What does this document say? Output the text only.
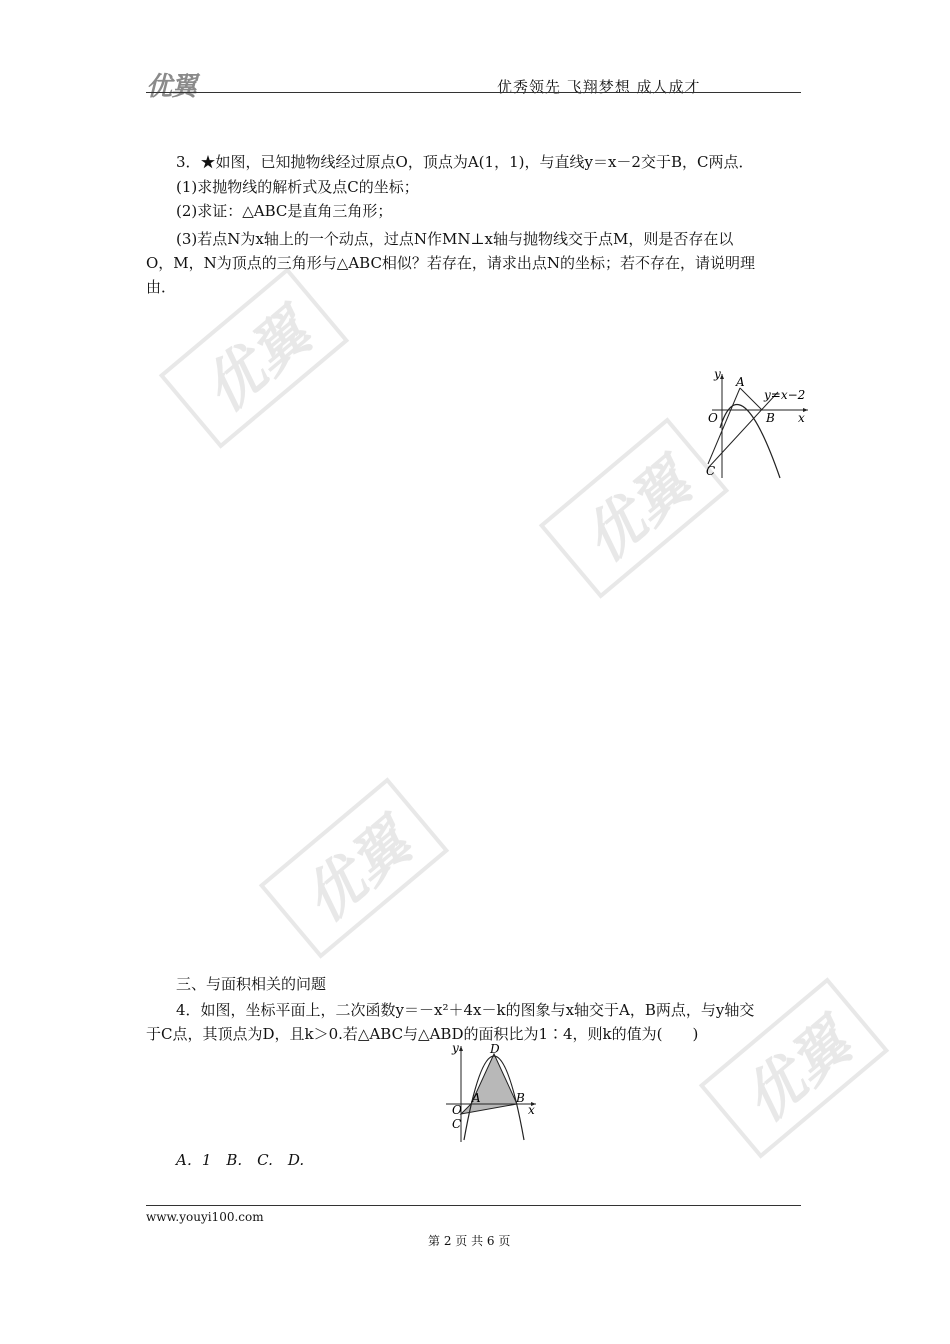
优翼	优秀领先 飞翔梦想 成人成才
优翼
优翼
优翼
优翼
3．★如图，已知抛物线经过原点O，顶点为A(1，1)，与直线y＝x－2交于B，C两点．
(1)求抛物线的解析式及点C的坐标；
(2)求证：△ABC是直角三角形；
(3)若点N为x轴上的一个动点，过点N作MN⊥x轴与抛物线交于点M，则是否存在以
O，M，N为顶点的三角形与△ABC相似？若存在，请求出点N的坐标；若不存在，请说明理
由．
y
x
O
A
B
C
y=x−2
三、与面积相关的问题
4．如图，坐标平面上，二次函数y＝－x²＋4x－k的图象与x轴交于A，B两点，与y轴交
于C点，其顶点为D，且k＞0.若△ABC与△ABD的面积比为1∶4，则k的值为(　　)
y
x
O
A	B
C
D
A．1　B.　C.　D.
www.youyi100.com
第 2 页 共 6 页
